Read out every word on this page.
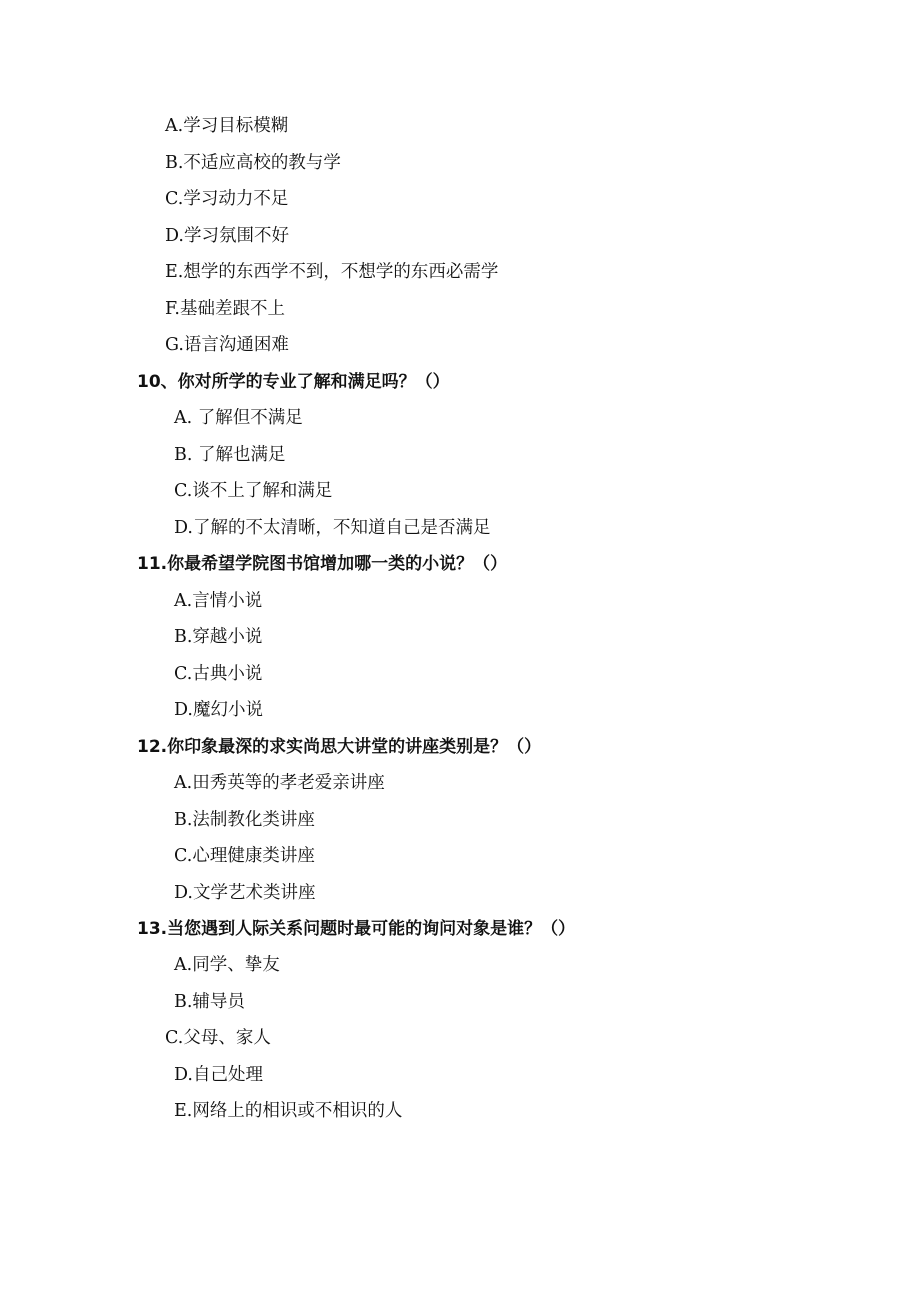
A.学习目标模糊
B.不适应高校的教与学
C.学习动力不足
D.学习氛围不好
E.想学的东西学不到，不想学的东西必需学
F.基础差跟不上
G.语言沟通困难
10、你对所学的专业了解和满足吗？（）
A. 了解但不满足
B. 了解也满足
C.谈不上了解和满足
D.了解的不太清晰，不知道自己是否满足
11.你最希望学院图书馆增加哪一类的小说？（）
A.言情小说
B.穿越小说
C.古典小说
D.魔幻小说
12.你印象最深的求实尚思大讲堂的讲座类别是？（）
A.田秀英等的孝老爱亲讲座
B.法制教化类讲座
C.心理健康类讲座
D.文学艺术类讲座
13.当您遇到人际关系问题时最可能的询问对象是谁？（）
A.同学、挚友
B.辅导员
C.父母、家人
D.自己处理
E.网络上的相识或不相识的人
